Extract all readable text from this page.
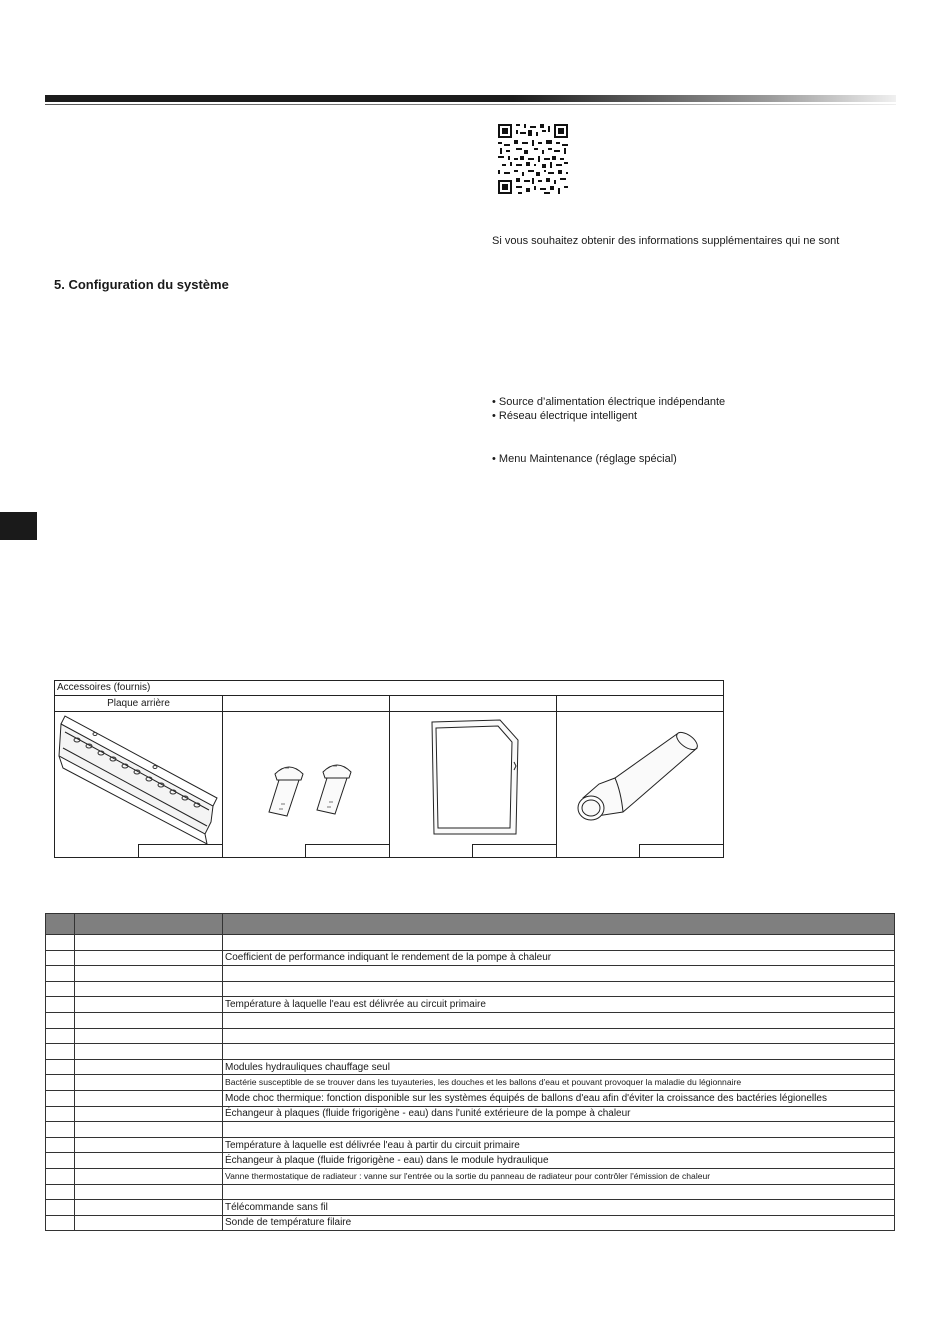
Si vous souhaitez obtenir des informations supplémentaires qui ne sont
5. Configuration du système
• Source d’alimentation électrique indépendante
• Réseau électrique intelligent
• Menu Maintenance (réglage spécial)
Accessoires (fournis)
Plaque arrière

		Coefficient de performance indiquant le rendement de la pompe à chaleur

		Température à laquelle l'eau est délivrée au circuit primaire

		Modules hydrauliques chauffage seul
		Bactérie susceptible de se trouver dans les tuyauteries, les douches et les ballons d'eau et pouvant provoquer la maladie du légionnaire
		Mode choc thermique: fonction disponible sur les systèmes équipés de ballons d'eau afin d'éviter la croissance des bactéries légionelles
		Échangeur à plaques (fluide frigorigène - eau) dans l'unité extérieure de la pompe à chaleur

		Température à laquelle est délivrée l'eau à partir du circuit primaire
		Échangeur à plaque (fluide frigorigène - eau) dans le module hydraulique
		Vanne thermostatique de radiateur : vanne sur l'entrée ou la sortie du panneau de radiateur pour contrôler l'émission de chaleur

		Télécommande sans fil
		Sonde de température filaire
